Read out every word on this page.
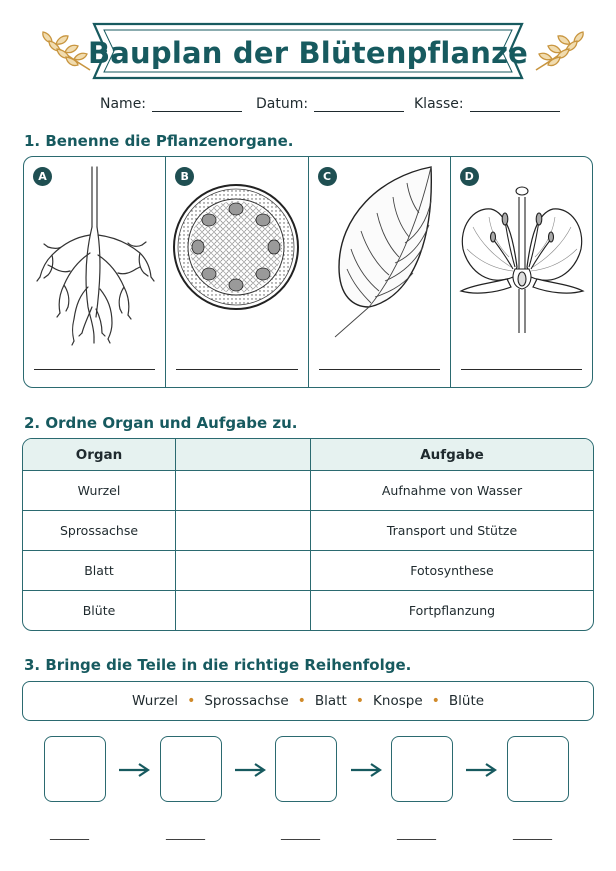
Bauplan der Blütenpflanze
Name:	Datum:	Klasse:
1. Benenne die Pflanzenorgane.
A	B	C	D
2. Ordne Organ und Aufgabe zu.
Organ	Aufgabe
Wurzel	Aufnahme von Wasser
Sprossachse	Transport und Stütze
Blatt	Fotosynthese
Blüte	Fortpflanzung
3. Bringe die Teile in die richtige Reihenfolge.
Wurzel • Sprossachse • Blatt • Knospe • Blüte
______	______	______	______	______
